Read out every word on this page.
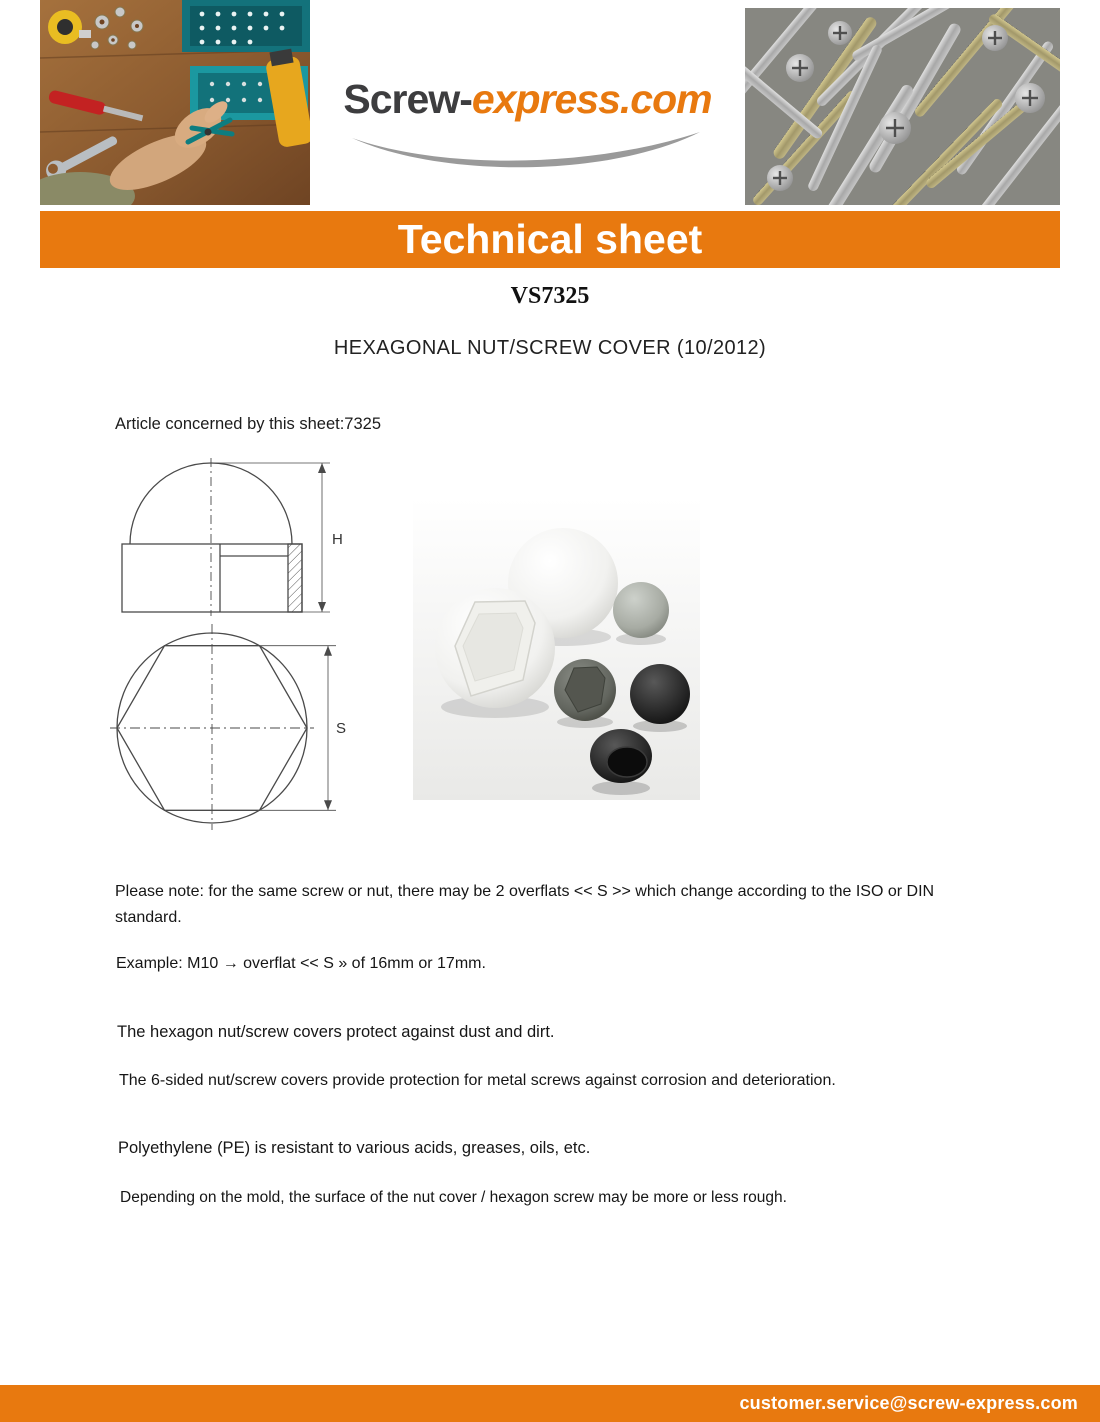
Screw-express.com
Technical sheet
VS7325
HEXAGONAL NUT/SCREW COVER (10/2012)
Article concerned by this sheet:7325
H
S

Please note: for the same screw or nut, there may be 2 overflats << S >> which change according to the ISO or DIN standard.

Example: M10 → overflat << S » of 16mm or 17mm.

The hexagon nut/screw covers protect against dust and dirt.

The 6-sided nut/screw covers provide protection for metal screws against corrosion and deterioration.

Polyethylene (PE) is resistant to various acids, greases, oils, etc.

Depending on the mold, the surface of the nut cover / hexagon screw may be more or less rough.

customer.service@screw-express.com
